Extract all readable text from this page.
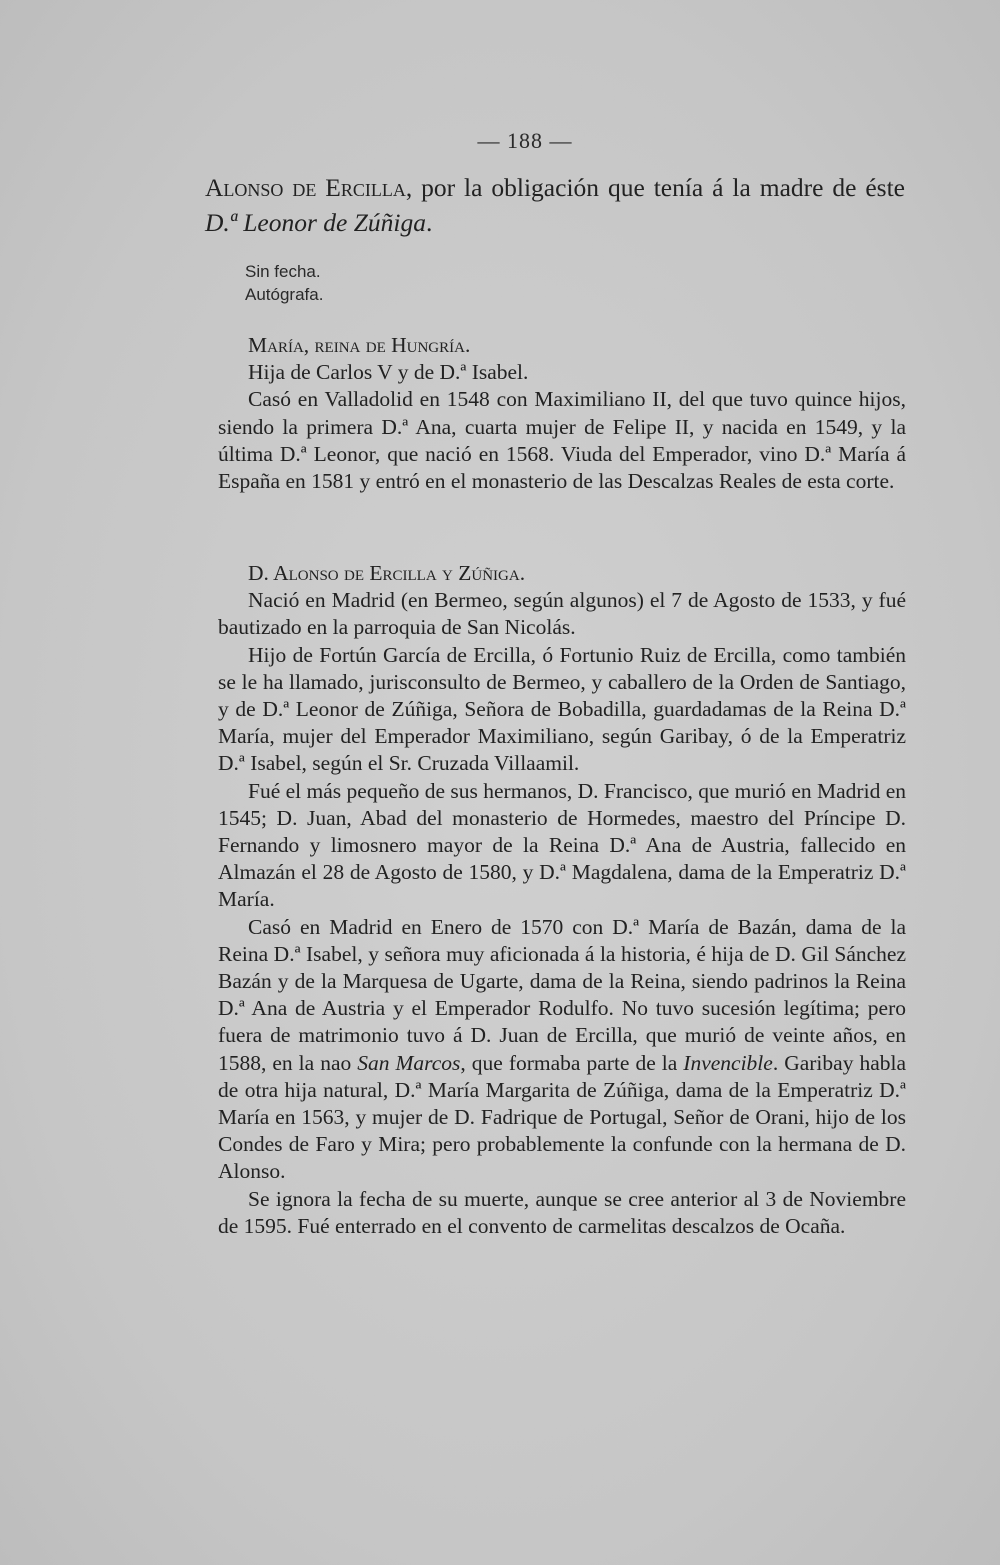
— 188 —
Alonso de Ercilla, por la obligación que tenía á la madre de éste D.ª Leonor de Zúñiga.
Sin fecha.
Autógrafa.

María, reina de Hungría.

Hija de Carlos V y de D.ª Isabel.

Casó en Valladolid en 1548 con Maximiliano II, del que tuvo quince hijos, siendo la primera D.ª Ana, cuarta mujer de Felipe II, y nacida en 1549, y la última D.ª Leonor, que nació en 1568. Viuda del Emperador, vino D.ª María á España en 1581 y entró en el monasterio de las Descalzas Reales de esta corte.

D. Alonso de Ercilla y Zúñiga.

Nació en Madrid (en Bermeo, según algunos) el 7 de Agosto de 1533, y fué bautizado en la parroquia de San Nicolás.

Hijo de Fortún García de Ercilla, ó Fortunio Ruiz de Ercilla, como también se le ha llamado, jurisconsulto de Bermeo, y caballero de la Orden de Santiago, y de D.ª Leonor de Zúñiga, Señora de Bobadilla, guardadamas de la Reina D.ª María, mujer del Emperador Maximiliano, según Garibay, ó de la Emperatriz D.ª Isabel, según el Sr. Cruzada Villaamil.

Fué el más pequeño de sus hermanos, D. Francisco, que murió en Madrid en 1545; D. Juan, Abad del monasterio de Hormedes, maestro del Príncipe D. Fernando y limosnero mayor de la Reina D.ª Ana de Austria, fallecido en Almazán el 28 de Agosto de 1580, y D.ª Magdalena, dama de la Emperatriz D.ª María.

Casó en Madrid en Enero de 1570 con D.ª María de Bazán, dama de la Reina D.ª Isabel, y señora muy aficionada á la historia, é hija de D. Gil Sánchez Bazán y de la Marquesa de Ugarte, dama de la Reina, siendo padrinos la Reina D.ª Ana de Austria y el Emperador Rodulfo. No tuvo sucesión legítima; pero fuera de matrimonio tuvo á D. Juan de Ercilla, que murió de veinte años, en 1588, en la nao San Marcos, que formaba parte de la Invencible. Garibay habla de otra hija natural, D.ª María Margarita de Zúñiga, dama de la Emperatriz D.ª María en 1563, y mujer de D. Fadrique de Portugal, Señor de Orani, hijo de los Condes de Faro y Mira; pero probablemente la confunde con la hermana de D. Alonso.

Se ignora la fecha de su muerte, aunque se cree anterior al 3 de Noviembre de 1595. Fué enterrado en el convento de carmelitas descalzos de Ocaña.
